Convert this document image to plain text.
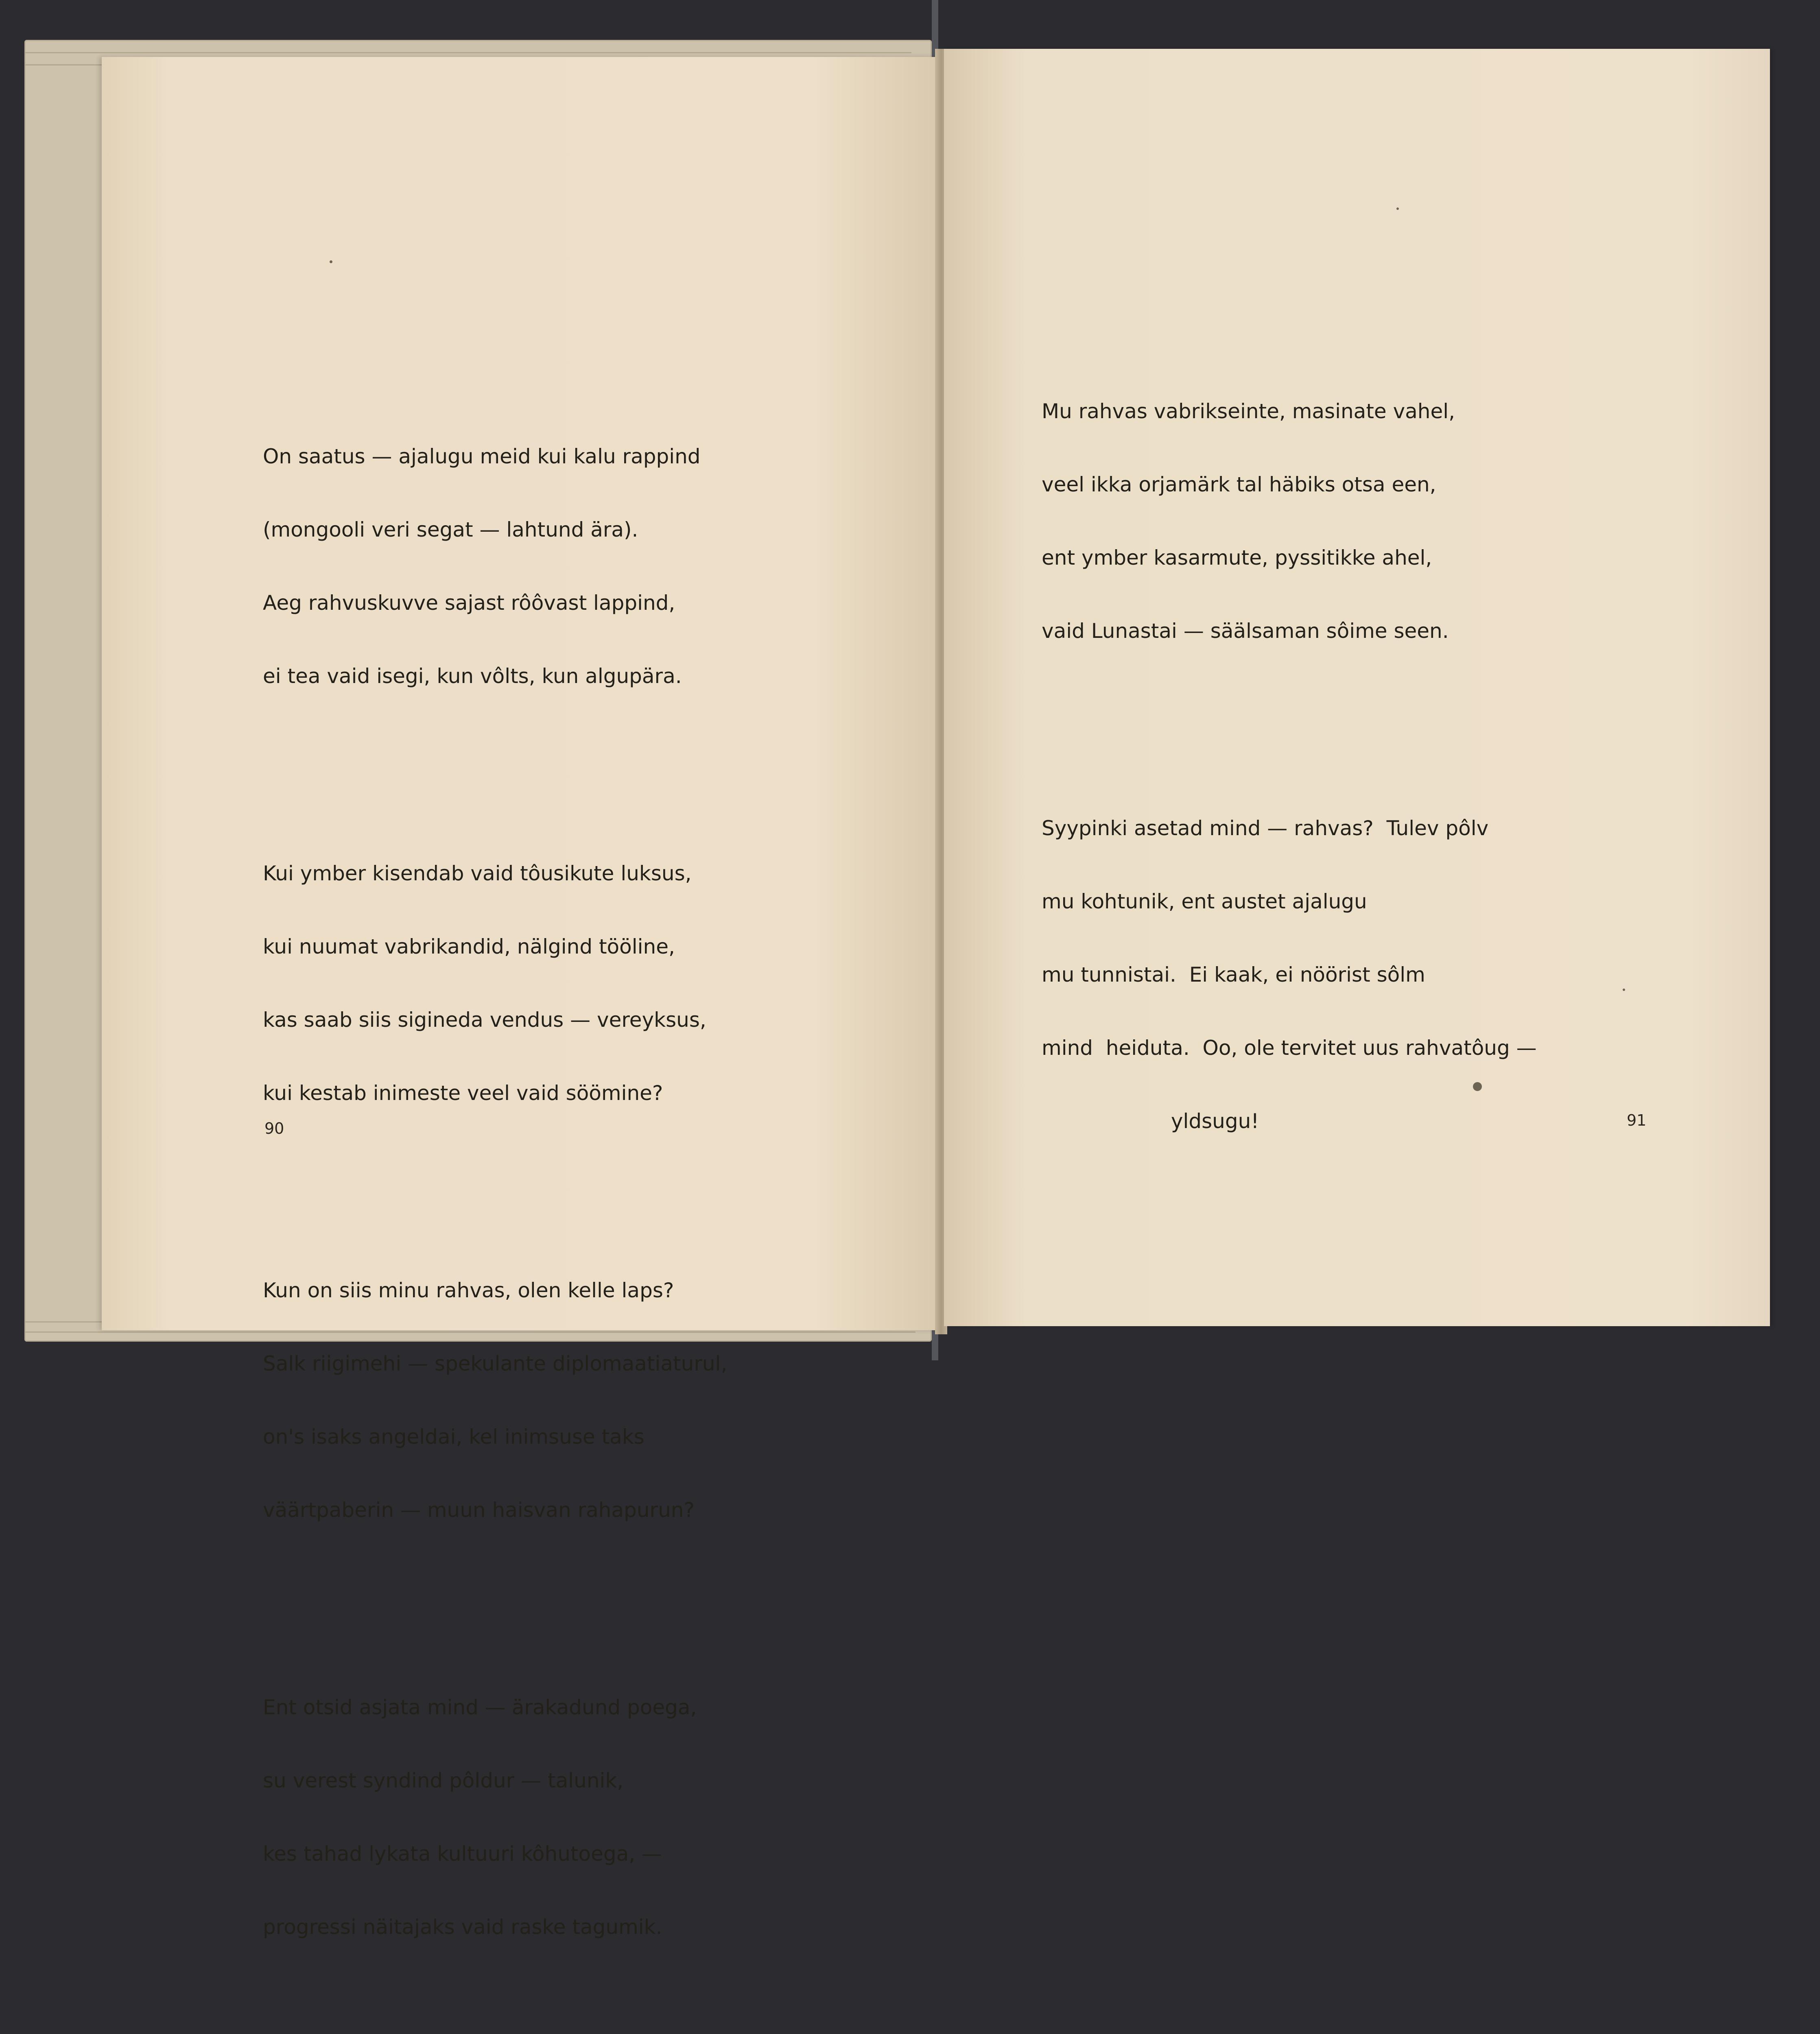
On saatus — ajalugu meid kui kalu rappind

(mongooli veri segat — lahtund ära).

Aeg rahvuskuvve sajast rôôvast lappind,

ei tea vaid isegi, kun vôlts, kun algupära.

Kui ymber kisendab vaid tôusikute luksus,

kui nuumat vabrikandid, nälgind tööline,

kas saab siis sigineda vendus — vereyksus,

kui kestab inimeste veel vaid söömine?

Kun on siis minu rahvas, olen kelle laps?

Salk riigimehi — spekulante diplomaatiaturul,

on's isaks angeldai, kel inimsuse taks

väärtpaberin — muun haisvan rahapurun?

Ent otsid asjata mind — ärakadund poega,

su verest syndind pôldur — talunik,

kes tahad lykata kultuuri kôhutoega, —

progressi näitajaks vaid raske tagumik.

90

Mu rahvas vabrikseinte, masinate vahel,

veel ikka orjamärk tal häbiks otsa een,

ent ymber kasarmute, pyssitikke ahel,

vaid Lunastai — säälsaman sôime seen.

Syypinki asetad mind — rahvas?  Tulev pôlv

mu kohtunik, ent austet ajalugu

mu tunnistai.  Ei kaak, ei nöörist sôlm

mind  heiduta.  Oo, ole tervitet uus rahvatôug —

yldsugu!

	91
